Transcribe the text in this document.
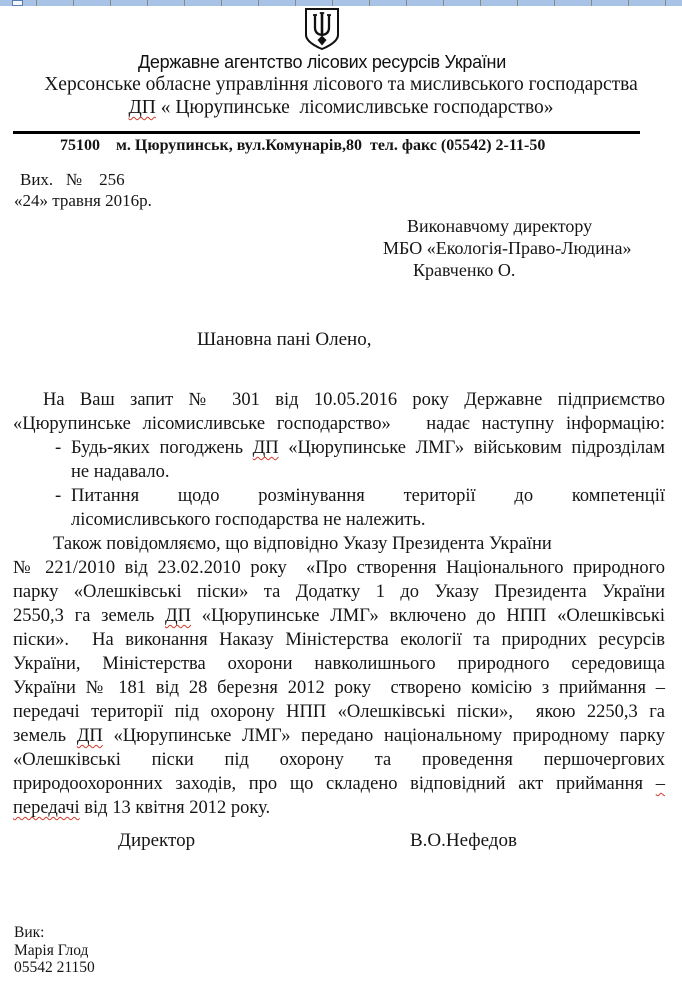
Державне агентство лісових ресурсів України
Херсонське обласне управління лісового та мисливського господарства
ДП « Цюрупинське  лісомисливське господарство»
75100    м. Цюрупинськ, вул.Комунарів,80  тел. факс (05542) 2-11-50
Вих.   №    256
«24» травня 2016р.
Виконавчому директору
МБО «Екологія-Право-Людина»
Кравченко О.
Шановна пані Олено,
На Ваш запит № 301 від 10.05.2016 року Державне підприємство
«Цюрупинське лісомисливське господарство»   надає наступну інформацію:
- Будь-яких погоджень ДП «Цюрупинське ЛМГ» військовим підрозділам
не надавало.
- Питання щодо розмінування території до компетенції
лісомисливського господарства не належить.
Також повідомляємо, що відповідно Указу Президента України
№ 221/2010 від 23.02.2010 року  «Про створення Національного природного
парку «Олешківські піски» та Додатку 1 до Указу Президента України
2550,3 га земель ДП «Цюрупинське ЛМГ» включено до НПП «Олешківські
піски».  На виконання Наказу Міністерства екології та природних ресурсів
України, Міністерства охорони навколишнього природного середовища
України № 181 від 28 березня 2012 року  створено комісію з приймання –
передачі території під охорону НПП «Олешківські піски»,  якою 2250,3 га
земель ДП «Цюрупинське ЛМГ» передано національному природному парку
«Олешківські піски під охорону та проведення першочергових
природоохоронних заходів, про що складено відповідний акт приймання –
передачі від 13 квітня 2012 року.
Директор	В.О.Нефедов
Вик:
Марія Глод
05542 21150
